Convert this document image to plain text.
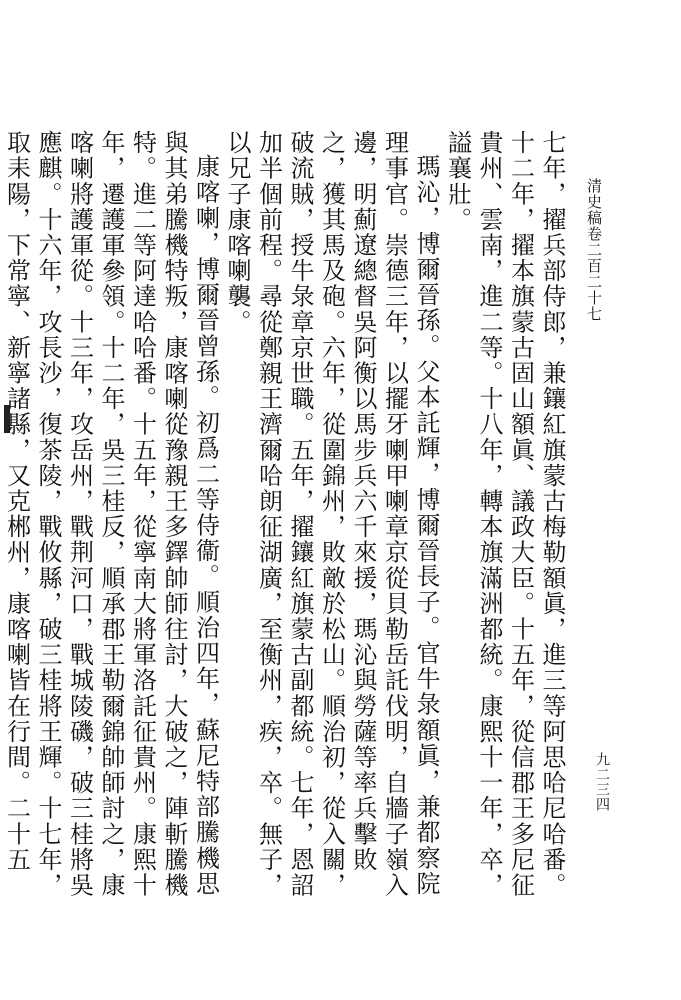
清史稿卷二百二十七
九二三四

七年，擢兵部侍郎，兼鑲紅旗蒙古梅勒額眞，進三等阿思哈尼哈番。十二年，擢本旗蒙古固山額眞、議政大臣。十五年，從信郡王多尼征貴州、雲南，進二等。十八年，轉本旗滿洲都統。康熙十一年，卒，謚襄壯。

瑪沁，博爾晉孫。父本託輝，博爾晉長子。官牛彔額眞，兼都察院理事官。崇德三年，以擺牙喇甲喇章京從貝勒岳託伐明，自牆子嶺入邊，明薊遼總督吳阿衡以馬步兵六千來援，瑪沁與勞薩等率兵擊敗之，獲其馬及砲。六年，從圍錦州，敗敵於松山。順治初，從入關，破流賊，授牛彔章京世職。五年，擢鑲紅旗蒙古副都統。七年，恩詔加半個前程。尋從鄭親王濟爾哈朗征湖廣，至衡州，疾，卒。無子，以兄子康喀喇襲。

康喀喇，博爾晉曾孫。初爲二等侍衞。順治四年，蘇尼特部騰機思與其弟騰機特叛，康喀喇從豫親王多鐸帥師往討，大破之，陣斬騰機特。進二等阿達哈哈番。十五年，從寧南大將軍洛託征貴州。康熙十年，遷護軍參領。十二年，吳三桂反，順承郡王勒爾錦帥師討之，康喀喇將護軍從。十三年，攻岳州，戰荆河口，戰城陵磯，破三桂將吳應麒。十六年，攻長沙，復茶陵，戰攸縣，破三桂將王輝。十七年，取耒陽，下常寧、新寧諸縣，又克郴州，康喀喇皆在行間。二十五
